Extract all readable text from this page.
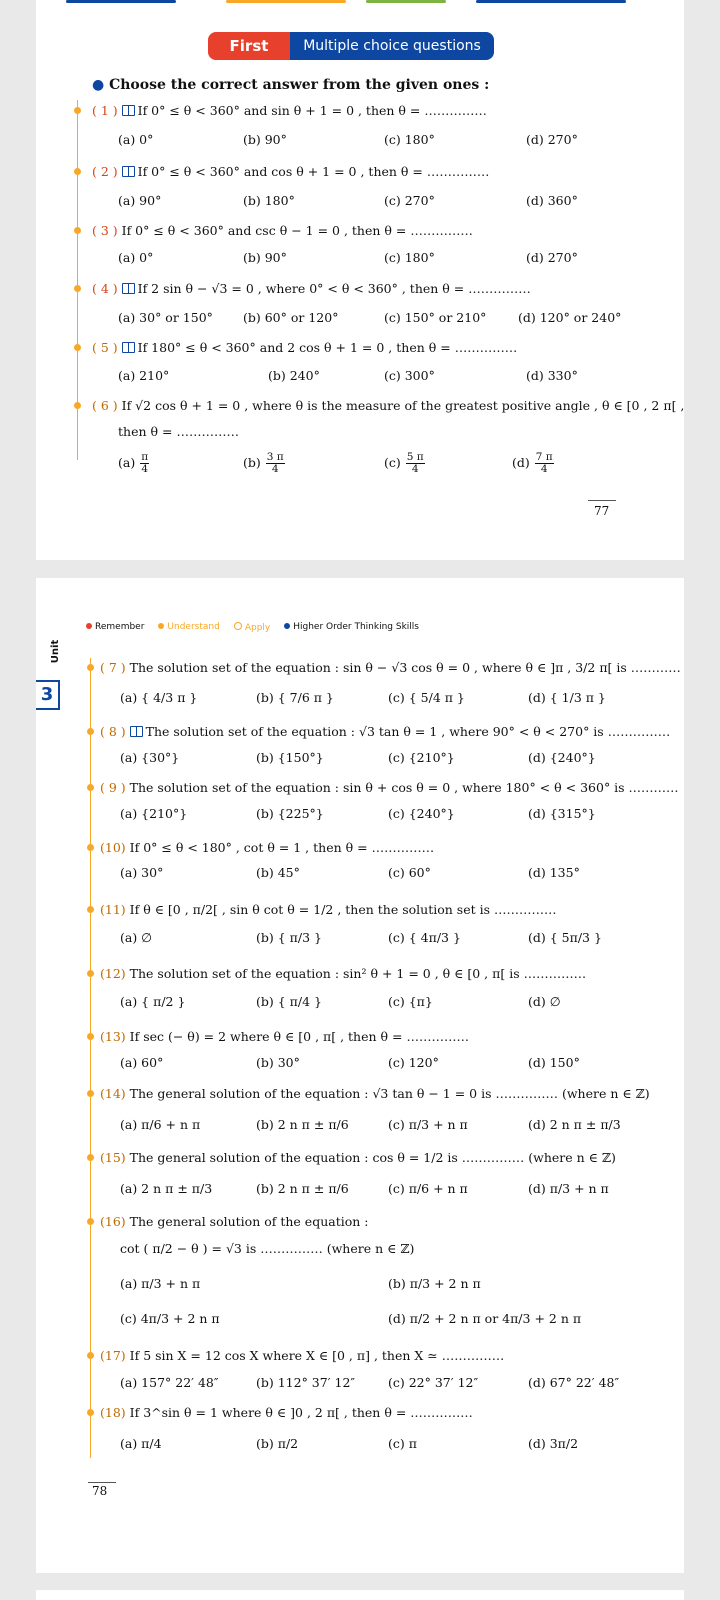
First	Multiple choice questions
● Choose the correct answer from the given ones :
( 1 ) If 0° ≤ θ < 360° and sin θ + 1 = 0 , then θ = ……………
(a) 0°	(b) 90°	(c) 180°	(d) 270°
( 2 ) If 0° ≤ θ < 360° and cos θ + 1 = 0 , then θ = ……………
(a) 90°	(b) 180°	(c) 270°	(d) 360°
( 3 ) If 0° ≤ θ < 360° and csc θ − 1 = 0 , then θ = ……………
(a) 0°	(b) 90°	(c) 180°	(d) 270°
( 4 ) If 2 sin θ − √3 = 0 , where 0° < θ < 360° , then θ = ……………
(a) 30° or 150° (b) 60° or 120°	(c) 150° or 210°	(d) 120° or 240°
( 5 ) If 180° ≤ θ < 360° and 2 cos θ + 1 = 0 , then θ = ……………
(a) 210°	(b) 240°	(c) 300°	(d) 330°
( 6 ) If √2 cos θ + 1 = 0 , where θ is the measure of the greatest positive angle , θ ∈ [0 , 2 π[ ,
then θ = ……………
$(a) \frac{\pi}{4}$	$(b) \frac{3 \pi}{4}$	$(c) \frac{5 \pi}{4}$	$(d) \frac{7 \pi}{4}$
77
Remember	Understand	Apply	Higher Order Thinking Skills
Unit
3
( 7 ) The solution set of the equation : sin θ − √3 cos θ = 0 , where θ ∈ ]π , 3/2 π[ is …………
(a) { 4/3 π }	(b) { 7/6 π }	(c) { 5/4 π }	(d) { 1/3 π }
( 8 ) The solution set of the equation : √3 tan θ = 1 , where 90° < θ < 270° is ……………
(a) {30°}	(b) {150°}	(c) {210°}	(d) {240°}
( 9 ) The solution set of the equation : sin θ + cos θ = 0 , where 180° < θ < 360° is …………
(a) {210°}	(b) {225°}	(c) {240°}	(d) {315°}
(10) If 0° ≤ θ < 180° , cot θ = 1 , then θ = ……………
(a) 30°	(b) 45°	(c) 60°	(d) 135°
(11) If θ ∈ [0 , π/2[ , sin θ cot θ = 1/2 , then the solution set is ……………
(a) ∅	(b) { π/3 }	(c) { 4π/3 }	(d) { 5π/3 }
(12) The solution set of the equation : sin² θ + 1 = 0 , θ ∈ [0 , π[ is ……………
(a) { π/2 }	(b) { π/4 }	(c) {π}	(d) ∅
(13) If sec (− θ) = 2 where θ ∈ [0 , π[ , then θ = ……………
(a) 60°	(b) 30°	(c) 120°	(d) 150°
(14) The general solution of the equation : √3 tan θ − 1 = 0 is …………… (where n ∈ ℤ)
(a) π/6 + n π	(b) 2 n π ± π/6	(c) π/3 + n π	(d) 2 n π ± π/3
(15) The general solution of the equation : cos θ = 1/2 is …………… (where n ∈ ℤ)
(a) 2 n π ± π/3	(b) 2 n π ± π/6	(c) π/6 + n π	(d) π/3 + n π
(16) The general solution of the equation :
cot ( π/2 − θ ) = √3 is …………… (where n ∈ ℤ)
(a) π/3 + n π	(b) π/3 + 2 n π
(c) 4π/3 + 2 n π	(d) π/2 + 2 n π or 4π/3 + 2 n π
(17) If 5 sin X = 12 cos X where X ∈ [0 , π] , then X ≃ ……………
(a) 157° 22′ 48″	(b) 112° 37′ 12″	(c) 22° 37′ 12″	(d) 67° 22′ 48″
(18) If 3^sin θ = 1 where θ ∈ ]0 , 2 π[ , then θ = ……………
(a) π/4	(b) π/2	(c) π	(d) 3π/2
78
